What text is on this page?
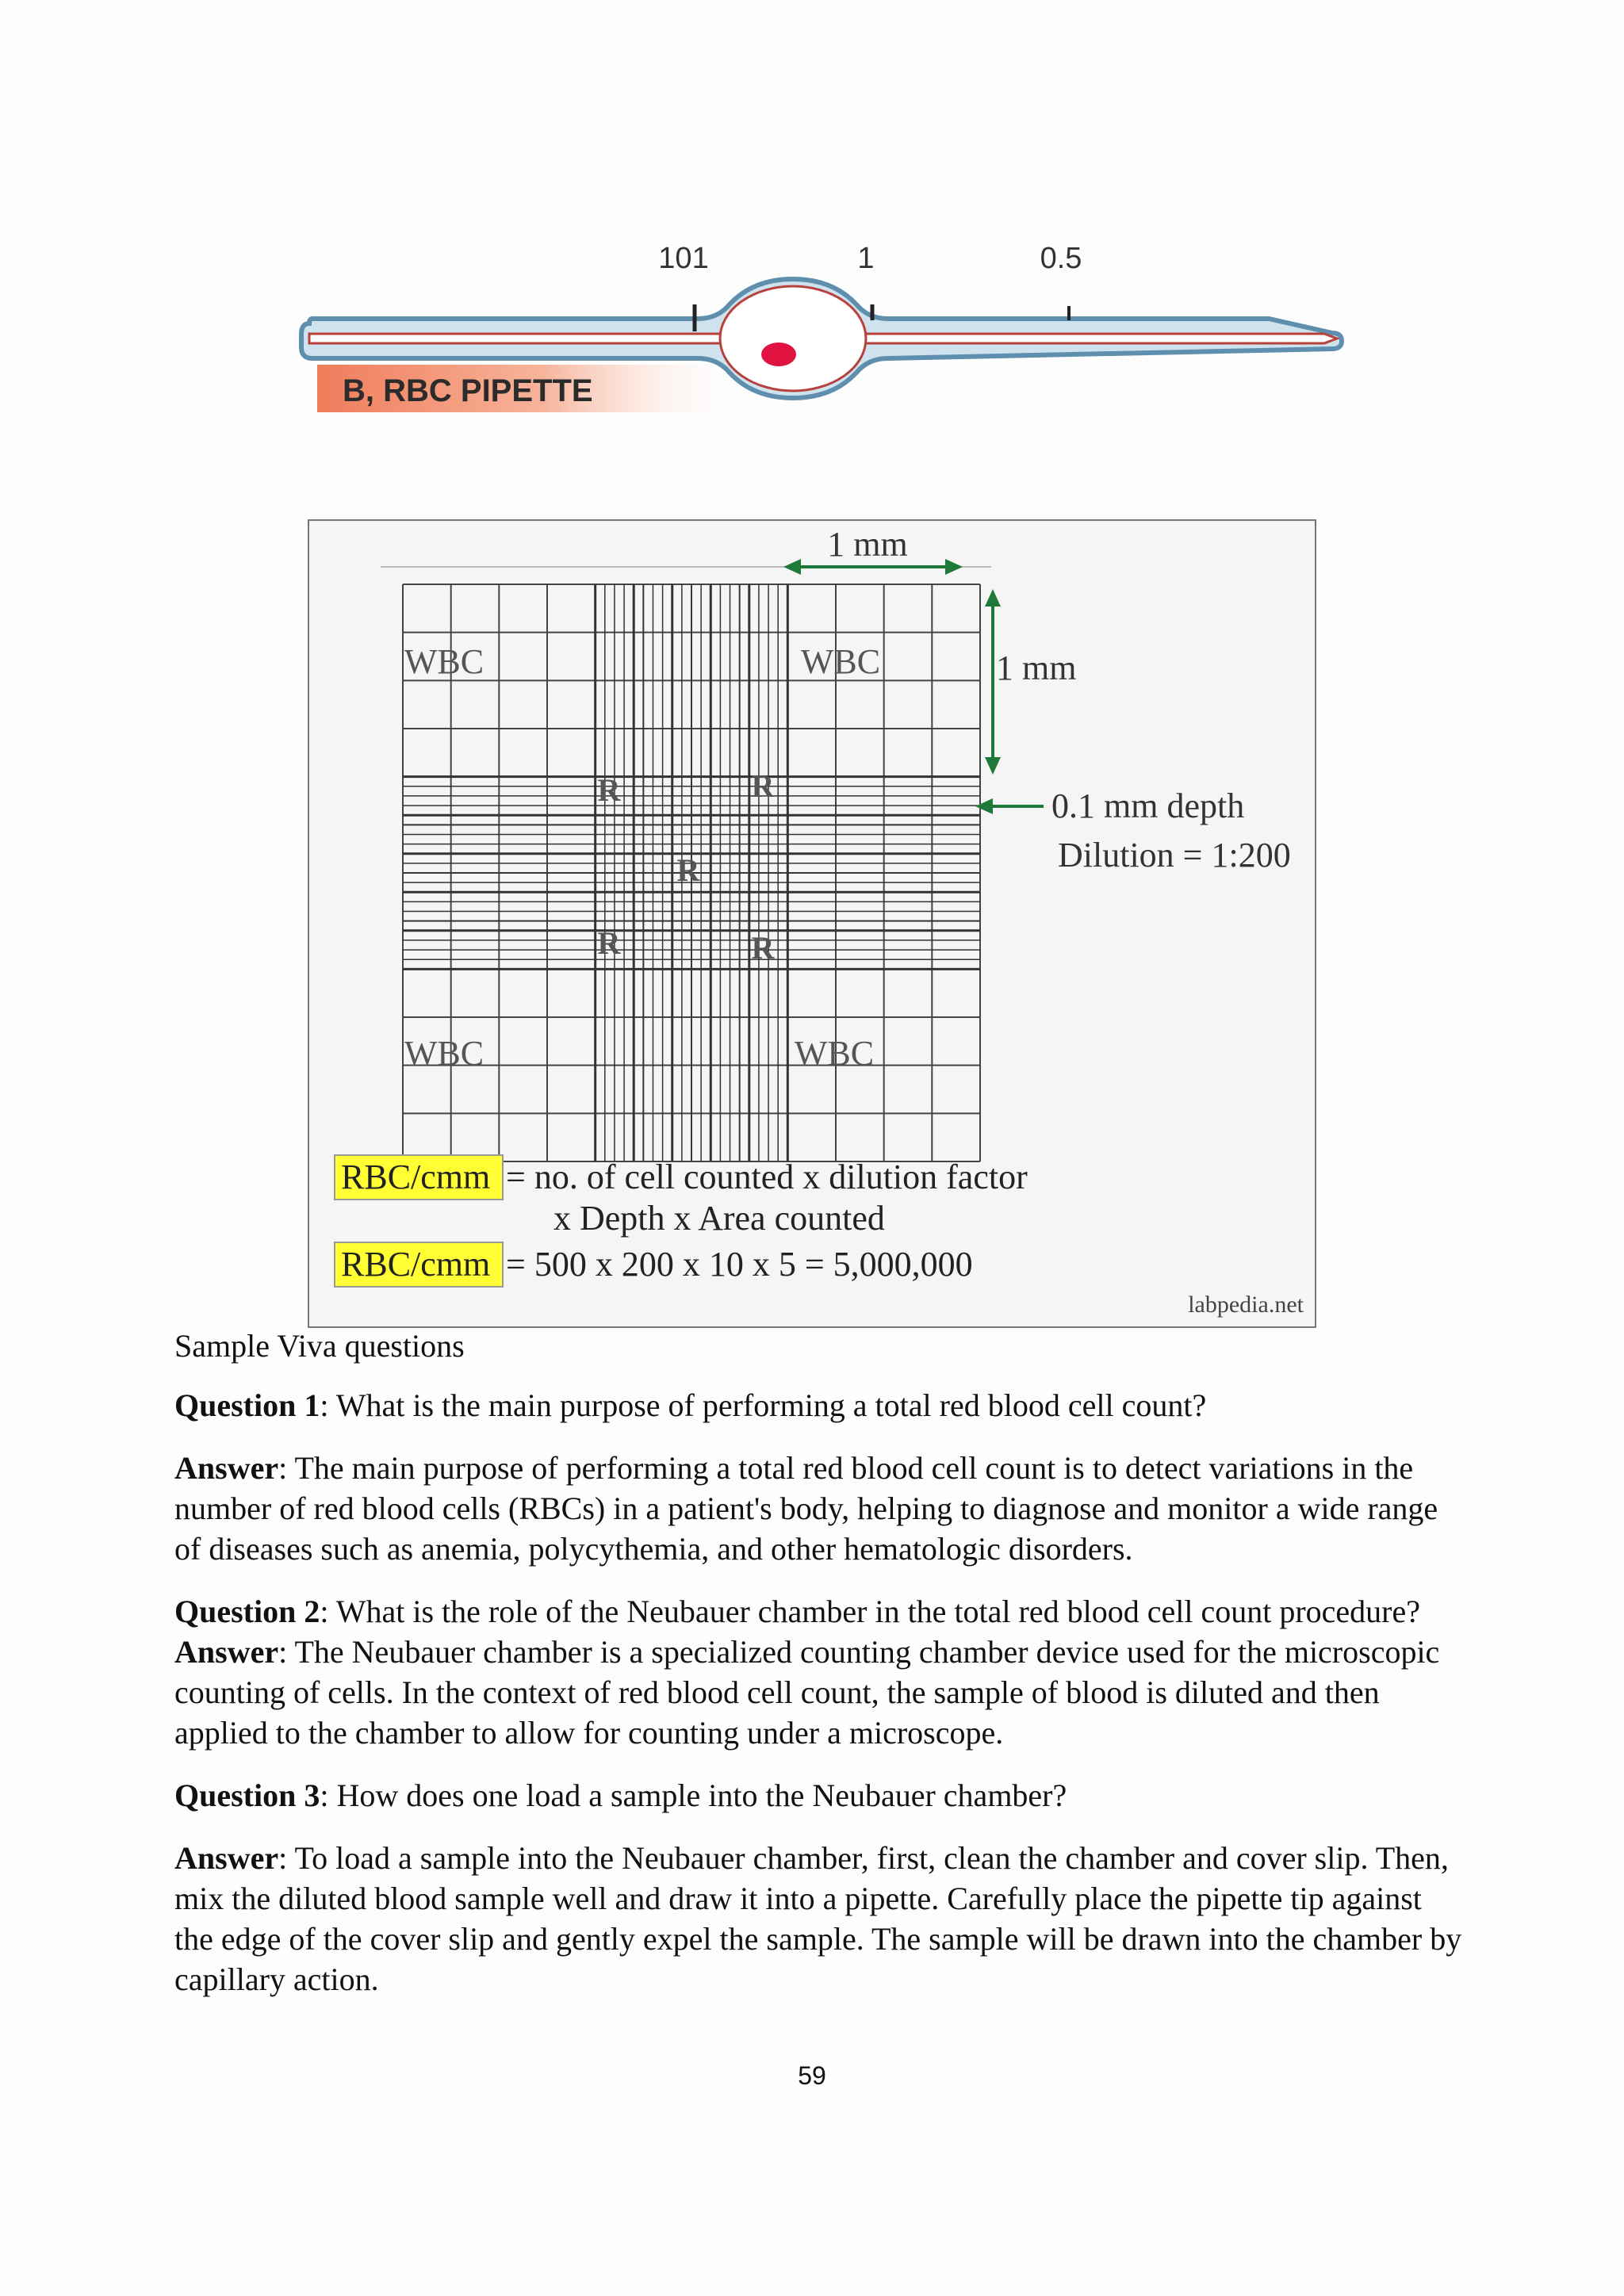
101	1	0.5
B, RBC PIPETTE
WBC	WBC
WBC	WBC
R	R
R
R	R
1 mm
1 mm
0.1 mm depth
Dilution = 1:200
RBC/cmm = no. of cell counted x dilution factor
x Depth x Area counted
RBC/cmm = 500 x 200 x 10 x 5 = 5,000,000
labpedia.net

Sample Viva questions

Question 1: What is the main purpose of performing a total red blood cell count?

Answer: The main purpose of performing a total red blood cell count is to detect variations in the number of red blood cells (RBCs) in a patient's body, helping to diagnose and monitor a wide range of diseases such as anemia, polycythemia, and other hematologic disorders.

Question 2: What is the role of the Neubauer chamber in the total red blood cell count procedure? Answer: The Neubauer chamber is a specialized counting chamber device used for the microscopic counting of cells. In the context of red blood cell count, the sample of blood is diluted and then applied to the chamber to allow for counting under a microscope.

Question 3: How does one load a sample into the Neubauer chamber?

Answer: To load a sample into the Neubauer chamber, first, clean the chamber and cover slip. Then, mix the diluted blood sample well and draw it into a pipette. Carefully place the pipette tip against the edge of the cover slip and gently expel the sample. The sample will be drawn into the chamber by capillary action.

59
